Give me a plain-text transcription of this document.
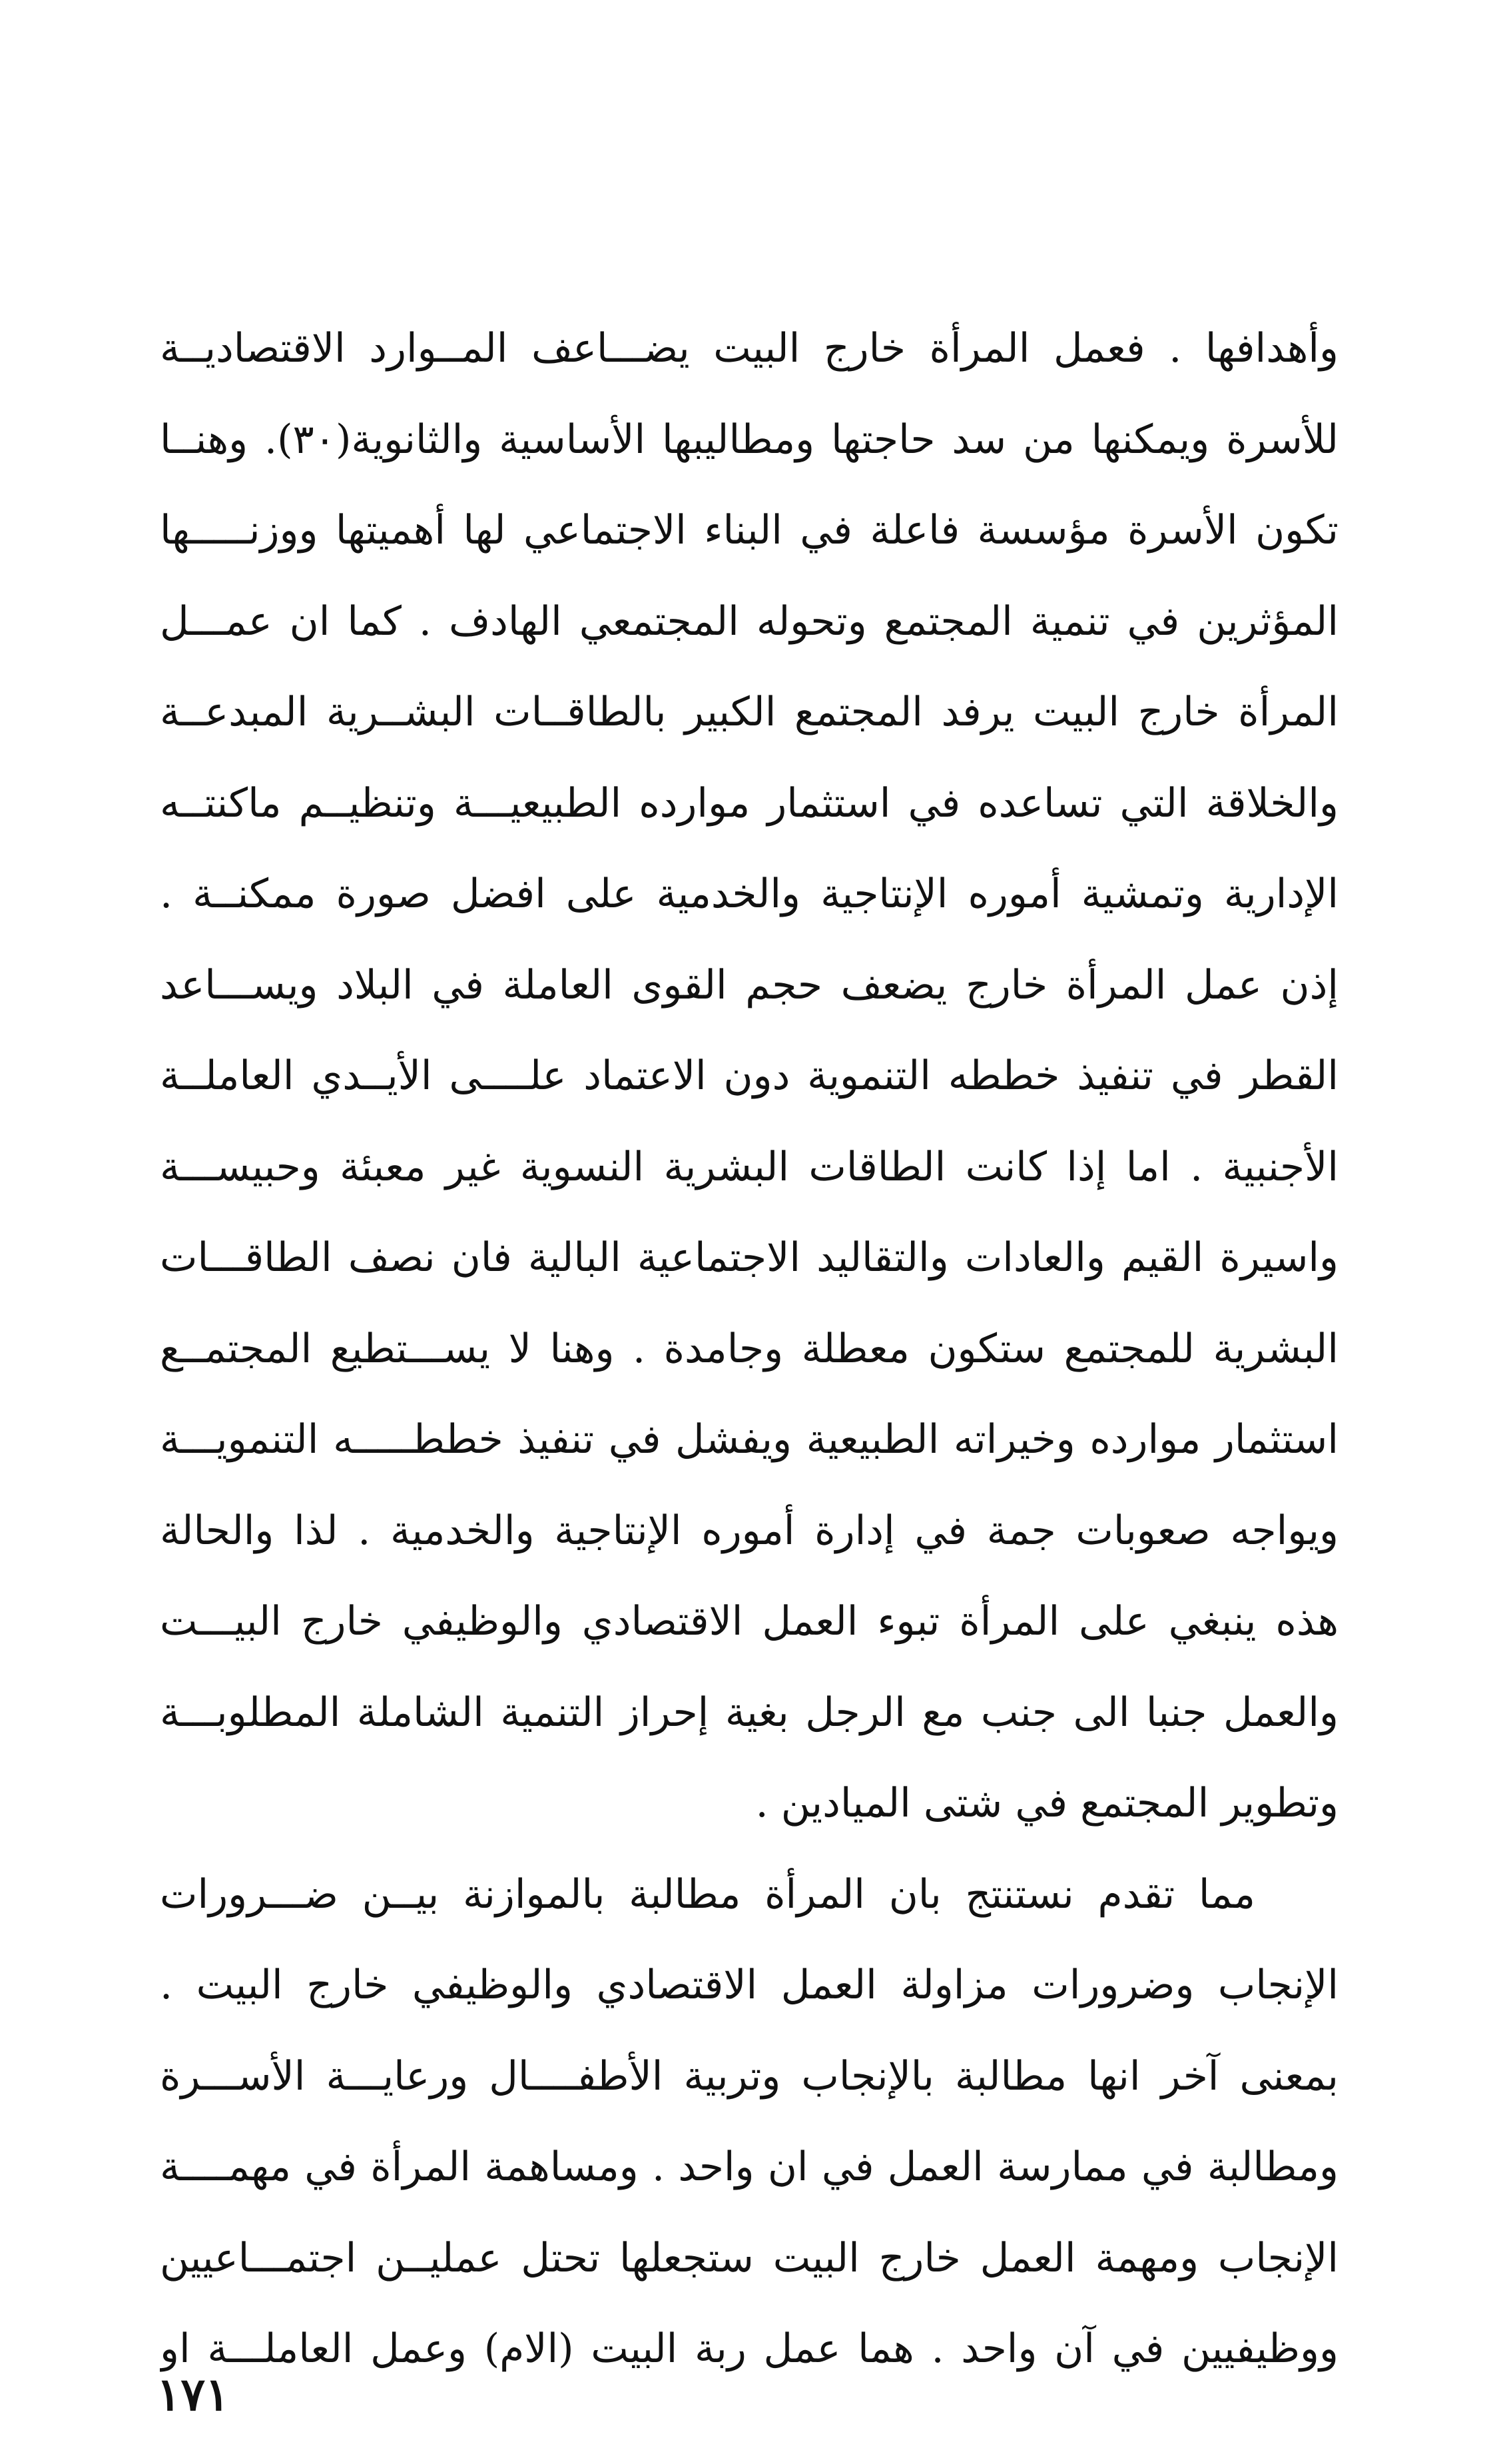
وأهدافها . فعمل المرأة خارج البيت يضـــاعف المــوارد الاقتصاديــة
للأسرة ويمكنها من سد حاجتها ومطاليبها الأساسية والثانوية(٣٠). وهنــا
تكون الأسرة مؤسسة فاعلة في البناء الاجتماعي لها أهميتها ووزنـــــها
المؤثرين في تنمية المجتمع وتحوله المجتمعي الهادف . كما ان عمـــل
المرأة خارج البيت يرفد المجتمع الكبير بالطاقــات البشــرية المبدعــة
والخلاقة التي تساعده في استثمار موارده الطبيعيـــة وتنظيــم ماكنتــه
الإدارية وتمشية أموره الإنتاجية والخدمية على افضل صورة ممكنــة .
إذن عمل المرأة خارج يضعف حجم القوى العاملة في البلاد ويســـاعد
القطر في تنفيذ خططه التنموية دون الاعتماد علــــى الأيــدي العاملــة
الأجنبية . اما إذا كانت الطاقات البشرية النسوية غير معبئة وحبيســـة
واسيرة القيم والعادات والتقاليد الاجتماعية البالية فان نصف الطاقـــات
البشرية للمجتمع ستكون معطلة وجامدة . وهنا لا يســـتطيع المجتمــع
استثمار موارده وخيراته الطبيعية ويفشل في تنفيذ خططـــــه التنمويـــة
ويواجه صعوبات جمة في إدارة أموره الإنتاجية والخدمية . لذا والحالة
هذه ينبغي على المرأة تبوء العمل الاقتصادي والوظيفي خارج البيـــت
والعمل جنبا الى جنب مع الرجل بغية إحراز التنمية الشاملة المطلوبـــة
وتطوير المجتمع في شتى الميادين .
مما تقدم نستنتج بان المرأة مطالبة بالموازنة بيــن ضـــرورات
الإنجاب وضرورات مزاولة العمل الاقتصادي والوظيفي خارج البيت .
بمعنى آخر انها مطالبة بالإنجاب وتربية الأطفــــال ورعايـــة الأســـرة
ومطالبة في ممارسة العمل في ان واحد . ومساهمة المرأة في مهمــــة
الإنجاب ومهمة العمل خارج البيت ستجعلها تحتل عمليــن اجتمـــاعيين
ووظيفيين في آن واحد . هما عمل ربة البيت (الام) وعمل العاملـــة او
١٧١
